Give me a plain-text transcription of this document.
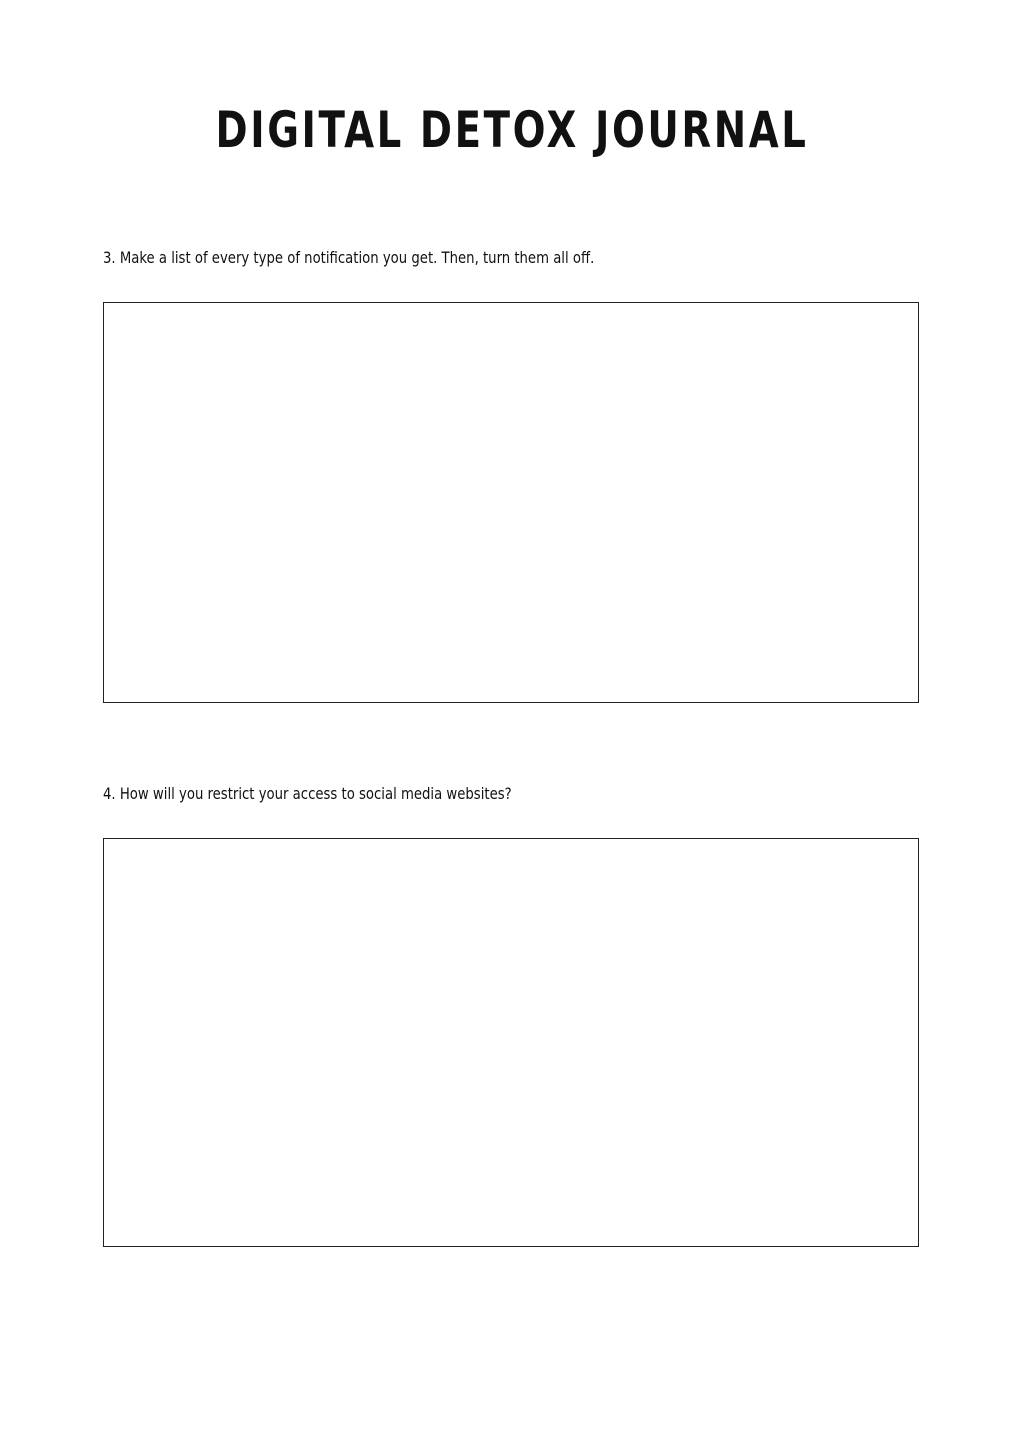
DIGITAL DETOX JOURNAL

3. Make a list of every type of notification you get. Then, turn them all off.

4. How will you restrict your access to social media websites?
